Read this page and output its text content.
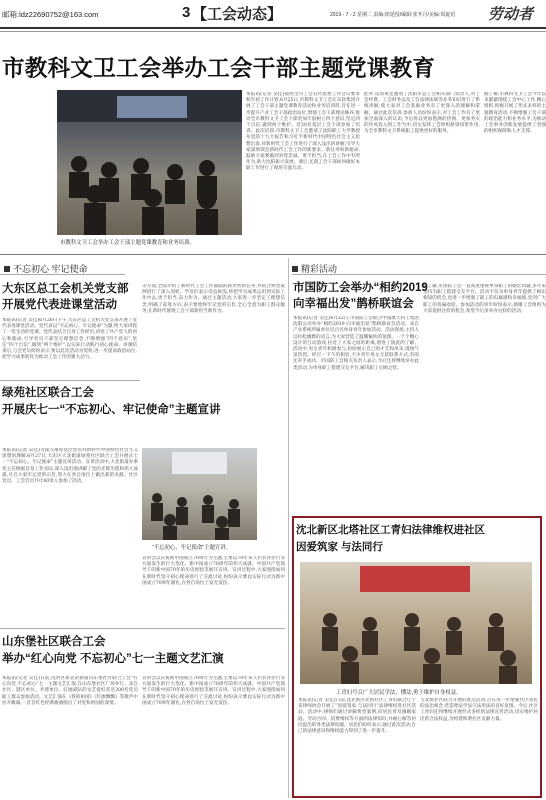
邮箱:ldz22690752@163.com	3 【工会动态】	2019 - 7 - 2 星期二 责编:徐延悦/编辑:张冬月/美编:周旋语 劳动者
市教科文卫工会举办工会干部主题党课教育
市教科文卫工会举办工会干部主题党课教育和业务培训。
本报讯(记者 吴佳)按照全市工会宣传思想工作会议要求和年初工作计划,6月25日,市教科文卫工会在东软集团开展了工会干部主题党课教育活动和业务培训班,旨在进一步提升产业工会干部政治站位,增强工会干部理论修养,推动全市教科文卫工会干部更加牢固树立四个意识,坚定四个自信,做到两个维护。近30名基层工会干部参加了培训。此次培训,市教科文卫工会邀请了沈阳职工大学教授从党的十九大报告和习近平新时代中国特色社会主义思想出发,对新时代工会工作进行了深入浅出的讲解,引导大家深刻领会新时代工会工作的新要求、新任务和新使命,鼓励大家要做到对党忠诚、勇于担当,在工会工作中有所作为,助力沈阳振兴发展。课后,还就工会干部如何做好本职工作进行了现场交流互动。
此外,培训班还邀请了沈阳市总工会相关部门负责人,对工会经费、工会财务以及工会法律法规等业务知识进行了系统讲解,使大家对工会基础业务有了更深入的理解和掌握。通过此次培训,参训人员纷纷表示,对工会工作有了更加全面深入的认识,今后将以更加饱满的热情、更加务实的作风投入到工作当中,切实发挥工会组织桥梁纽带作用,为全市教科文卫系统职工提供更好的服务。
据了解,市教科文卫工会今年以来紧紧围绕工会中心工作,精心组织,积极开展了形式多样的主题教育活动,不断增强工会干部的政治能力和业务水平,为推动工会事业创新发展提供了坚强的组织保障和人才支撑。
不忘初心 牢记使命
大东区总工会机关党支部
开展党代表进课堂活动
本报讯(记者 吴佳)6月26日下午,大东区总工会机关党支部开展了党代表进课堂活动。党代表以“不忘初心、牢记使命”为题,给大家讲授了一堂生动的党课。党代表结合自身工作经历,讲述了共产党人的初心和使命,引导党员干部坚定理想信念,不断增强“四个意识”,坚定“四个自信”,做到“两个维护”,以实际行动践行初心使命。讲课结束后,与会党员纷纷表示,要以此次活动为契机,进一步提高政治站位,把学习成果转化为推动工会工作的强大动力。
绿苑社区联合工会
开展庆七一“不忘初心、牢记使命”主题宣讲
“不忘初心、牢记使命”主题宣讲。
本报讯(记者 吴佳)为深入推进基层党员对新时代中国特色社会主义思想的理解,6月27日,大东区大北街道绿苑社区联合工会开展庆七一“不忘初心、牢记使命”主题宣讲活动。宣讲活动中,大北街道办事处主任根据自身工作实际,深入浅出地讲解了党的光辉历程和伟大成就,号召大家牢记党的宗旨,努力在各自岗位上做出新的贡献。社区党员、工会会员共计60余人参加了活动。
山东堡社区联合工会
举办“红心向党 不忘初心”七一主题文艺汇演
本报讯(记者 吴佳)日前,沈河区新北站街道山东堡社区联合工会“红心向党 不忘初心”七一主题文艺汇演,在山东堡社区广场举行。来自社区、辖区单位、共建单位、驻地部队的文艺爱好者近200名党员职工群众参加活动。文艺汇演在《我的祖国》《红旗飘飘》等歌声中拉开帷幕,一首首红色经典歌曲唱出了对党和祖国的深情。
等方面,全面介绍了新时代工会工作面临的新形势新任务,并结合典型案例进行了深入剖析。学员们表示受益匪浅,将把学习成果运用到实际工作中去,勇于担当,奋力作为。通过主题活动,大家进一步坚定了理想信念,明确了前进方向,表示要始终牢记党的宗旨,全心全意为职工群众服务,在新时代展现工会干部新担当新作为。
宣讲会以庆祝新中国成立70周年为主题,主要以70年来人们衣食住行等方面发生的巨大变化、新中国成立70周年的伟大成就、中国共产党领导下的新中国70年的历史经验等展开宣讲。宣讲过程中,大家围绕如何在新时代坚守初心使命进行了交流讨论,纷纷表示要以实际行动为新中国成立70周年献礼,在各自岗位上发光发热。
宣讲会以庆祝新中国成立70周年为主题,主要以70年来人们衣食住行等方面发生的巨大变化、新中国成立70周年的伟大成就、中国共产党领导下的新中国70年的历史经验等展开宣讲。宣讲过程中,大家围绕如何在新时代坚守初心使命进行了交流讨论,纷纷表示要以实际行动为新中国成立70周年献礼,在各自岗位上发光发热。
精彩活动
市国防工会举办“相约2019
向幸福出发”鹊桥联谊会
本报讯(记者 吴佳)6月22日,市国防工会联合中国航天科工集团沈阳公司举办“相约2019 向幸福出发”鹊桥联谊会活动。来自产业系统所属单位近百名单身青年参加活动。活动现场,主持人以轻松幽默的语言,为大家营造了温馨愉快的氛围。一个个精心设计的互动游戏,拉近了大家之间的距离,增进了彼此的了解。活动中,男女青年积极参与,纷纷展示自己的才艺和风采,现场气氛热烈。经过一下午的相处,不少青年男女互留联系方式,有的还牵手成功。市国防工会相关负责人表示,今后还将继续举办此类活动,为单身职工搭建交友平台,解决职工后顾之忧。
据了解,市国防工会一直高度重视单身职工的婚恋问题,多年来坚持为职工搭建交友平台。活动不仅为单身青年提供了相识相知的机会,也进一步增强了职工的归属感和幸福感,受到广大职工的普遍欢迎。参加活动的青年纷纷表示,感谢工会组织为大家提供这样的机会,希望今后多举办这样的活动。
沈北新区北塔社区工青妇法律维权进社区
因爱筑家 与法同行
工青妇号召广大居民学法、懂法,勇于维护自身权益。
本报讯(记者 吴佳)日前,沈北新区北塔社区工青妇联合辽宁省律师协会开展了“因爱筑家 与法同行”法律维权进社区活动。活动中,律师们通过讲解典型案例,向居民普及婚姻家庭、劳动合同、消费维权等方面的法律知识,并耐心解答居民提出的各类法律问题。居民们纷纷表示,通过此次活动,自己的法律意识和维权能力得到了进一步提升。
与北塔社区联合开展的此次活动,旨在进一步增强社区居民的法治观念,营造尊法学法守法用法的良好氛围。今后,社区工青妇还将继续开展形式多样的法律宣传活动,切实维护居民的合法权益,为构建和谐社区贡献力量。
